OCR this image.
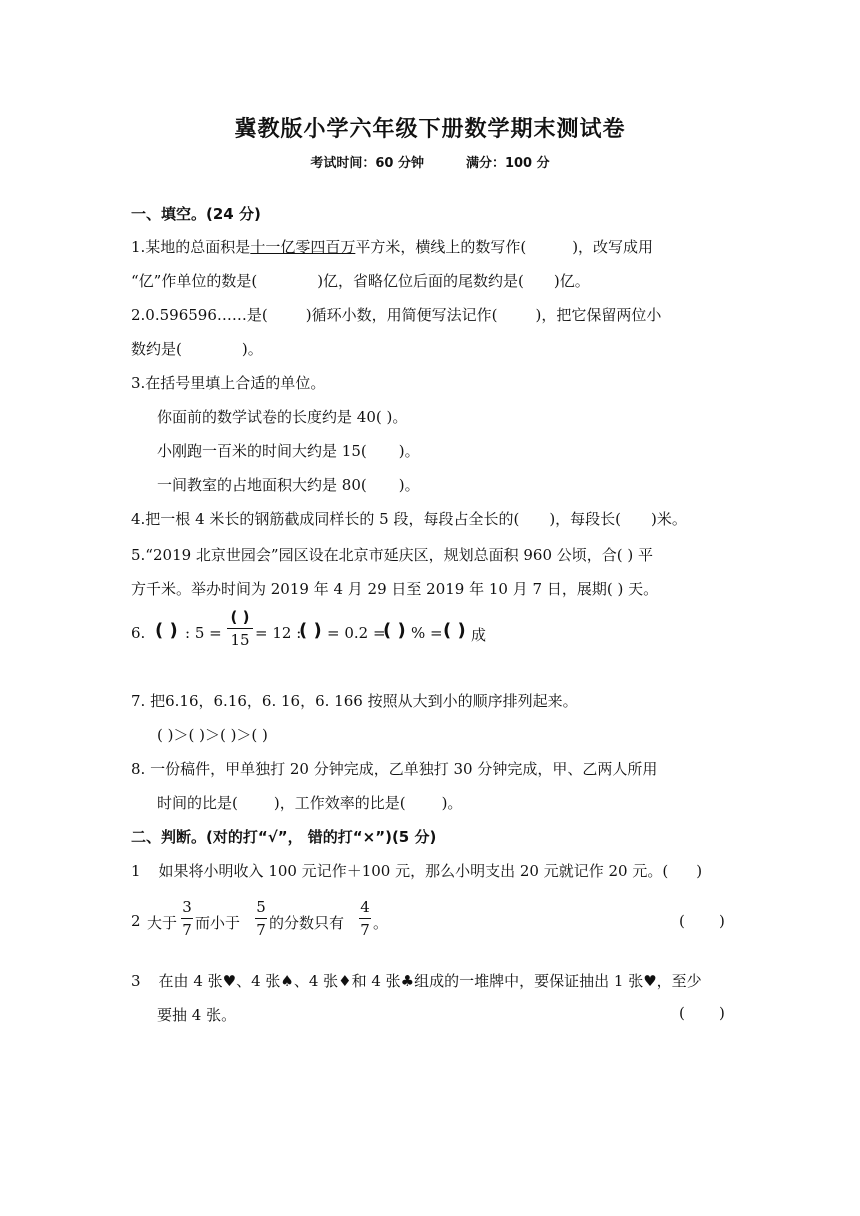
冀教版小学六年级下册数学期末测试卷
考试时间：60 分钟	满分：100 分
一、填空。(24 分)
1.某地的总面积是十一亿零四百万平方米，横线上的数写作(	)，改写成用
“亿”作单位的数是(	)亿，省略亿位后面的尾数约是( )亿。
2.0.596596……是(	)循环小数，用简便写法记作(	)，把它保留两位小
数约是(	)。
3.在括号里填上合适的单位。
你面前的数学试卷的长度约是 40( )。
小刚跑一百米的时间大约是 15( )。
一间教室的占地面积大约是 80( )。
4.把一根 4 米长的钢筋截成同样长的 5 段，每段占全长的( )，每段长( )米。
5.“2019 北京世园会”园区设在北京市延庆区，规划总面积 960 公顷，合( ) 平
方千米。举办时间为 2019 年 4 月 29 日至 2019 年 10 月 7 日，展期( ) 天。
6. ( ) : 5 =
( )
15 = 12 :
( ) = 0.2 =
( ) % = ( ) 成
7. 把6.16，6.16，6. 16，6. 166 按照从大到小的顺序排列起来。
( )＞( )＞( )＞( )
8. 一份稿件，甲单独打 20 分钟完成，乙单独打 30 分钟完成，甲、乙两人所用
时间的比是( )，工作效率的比是( )。
二、判断。(对的打“√”， 错的打“×”)(5 分)
1 如果将小明收入 100 元记作＋100 元，那么小明支出 20 元就记作 20 元。( )
2 大于
3
7 而小于
5
7 的分数只有
4
7 。	( )
3 在由 4 张♥、4 张♠、4 张♦和 4 张♣组成的一堆牌中，要保证抽出 1 张♥，至少
要抽 4 张。	( )
